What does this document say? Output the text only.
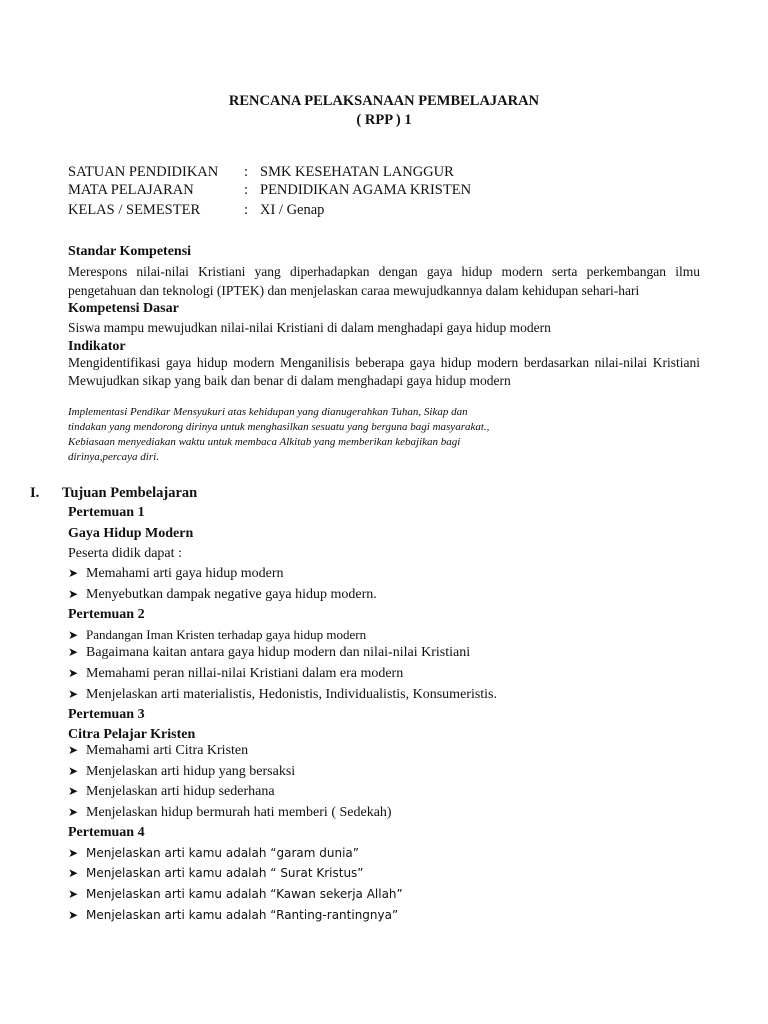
RENCANA PELAKSANAAN PEMBELAJARAN
( RPP ) 1
SATUAN PENDIDIKAN : SMK KESEHATAN LANGGUR
MATA PELAJARAN	: PENDIDIKAN AGAMA KRISTEN
KELAS / SEMESTER	: XI / Genap
Standar Kompetensi
Merespons nilai-nilai Kristiani yang diperhadapkan dengan gaya hidup modern serta perkembangan ilmu
pengetahuan dan teknologi (IPTEK) dan menjelaskan caraa mewujudkannya dalam kehidupan sehari-hari
Kompetensi Dasar
Siswa mampu mewujudkan nilai-nilai Kristiani di dalam menghadapi gaya hidup modern
Indikator
Mengidentifikasi gaya hidup modern Menganilisis beberapa gaya hidup modern berdasarkan nilai-nilai Kristiani
Mewujudkan sikap yang baik dan benar di dalam menghadapi gaya hidup modern
Implementasi Pendikar Mensyukuri atas kehidupan yang dianugerahkan Tuhan, Sikap dan
tindakan yang mendorong dirinya untuk menghasilkan sesuatu yang berguna bagi masyarakat.,
Kebiasaan menyediakan waktu untuk membaca Alkitab yang memberikan kebajikan bagi
dirinya,percaya diri.
I. Tujuan Pembelajaran
Pertemuan 1
Gaya Hidup Modern
Peserta didik dapat :
➤ Memahami arti gaya hidup modern
➤ Menyebutkan dampak negative gaya hidup modern.
Pertemuan 2
➤ Pandangan Iman Kristen terhadap gaya hidup modern
➤ Bagaimana kaitan antara gaya hidup modern dan nilai-nilai Kristiani
➤ Memahami peran nillai-nilai Kristiani dalam era modern
➤ Menjelaskan arti materialistis, Hedonistis, Individualistis, Konsumeristis.
Pertemuan 3
Citra Pelajar Kristen
➤ Memahami arti Citra Kristen
➤ Menjelaskan arti hidup yang bersaksi
➤ Menjelaskan arti hidup sederhana
➤ Menjelaskan hidup bermurah hati memberi ( Sedekah)
Pertemuan 4
➤ Menjelaskan arti kamu adalah “garam dunia”
➤ Menjelaskan arti kamu adalah “ Surat Kristus”
➤ Menjelaskan arti kamu adalah “Kawan sekerja Allah”
➤ Menjelaskan arti kamu adalah “Ranting-rantingnya”
